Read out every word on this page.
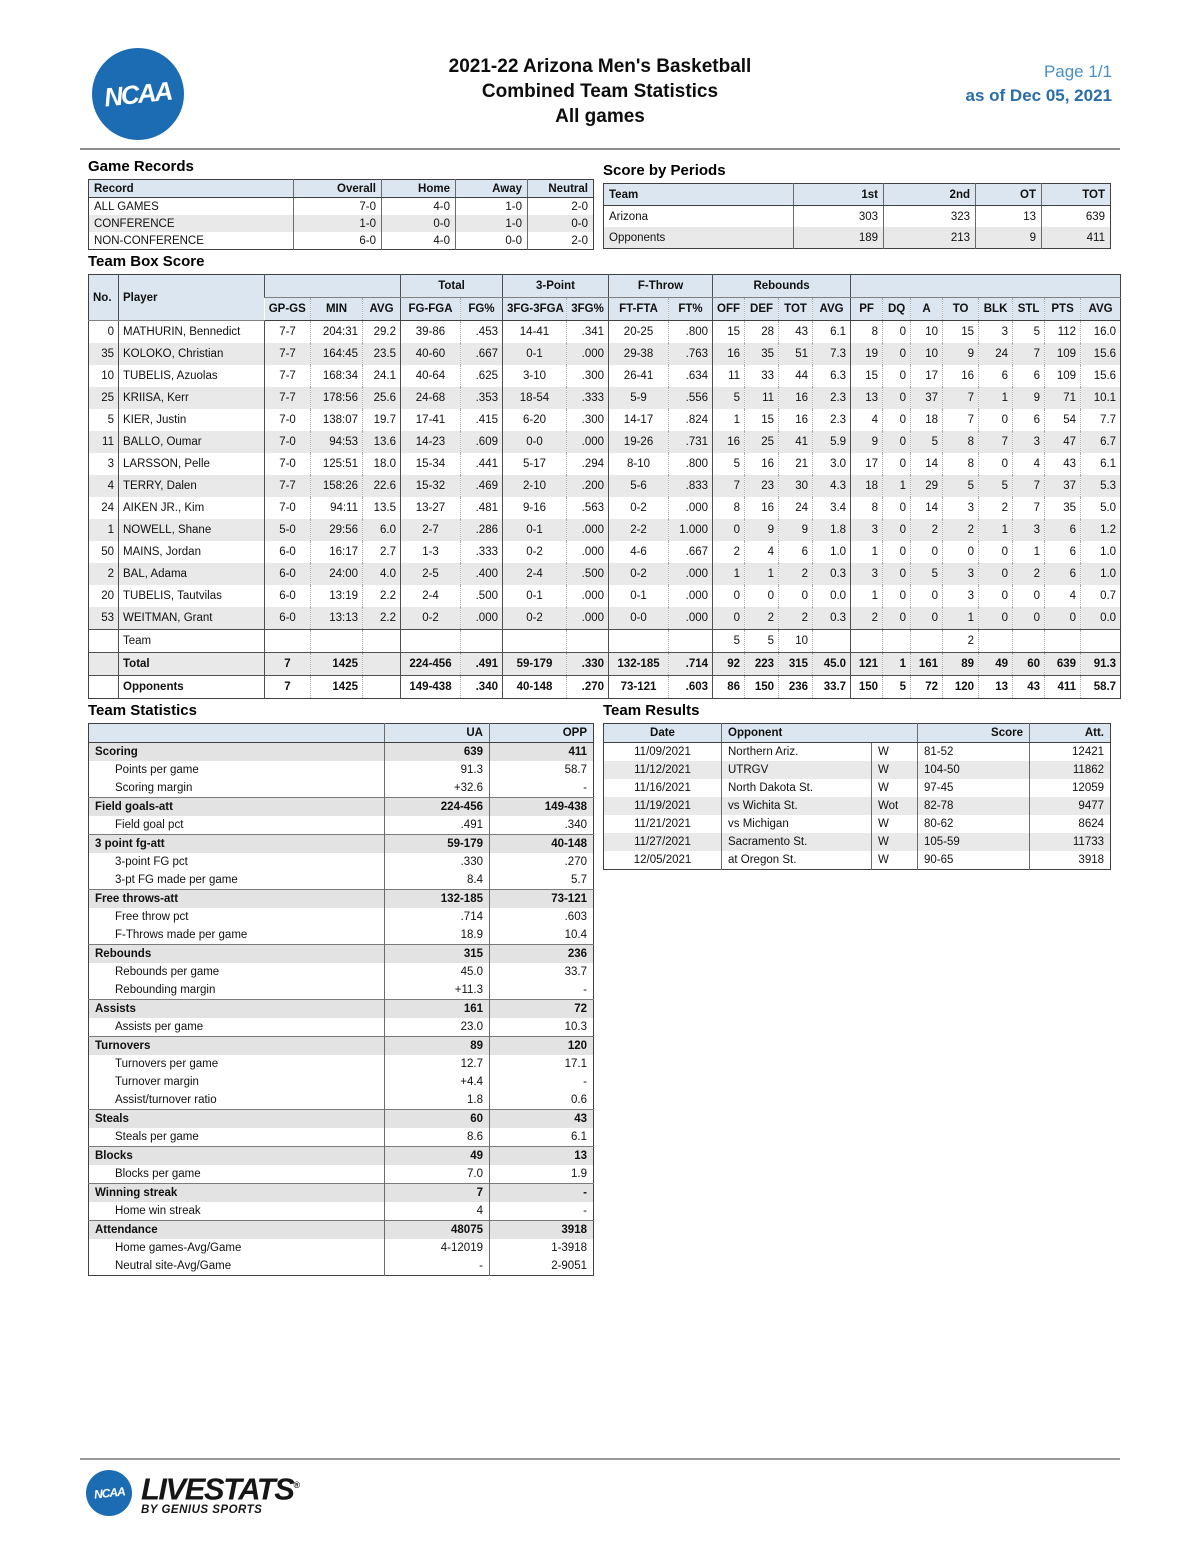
NCAA
2021-22 Arizona Men's Basketball
Combined Team Statistics
All games
Page 1/1
as of Dec 05, 2021
Game Records
Record	Overall	Home	Away	Neutral
ALL GAMES	7-0	4-0	1-0	2-0
CONFERENCE	1-0	0-0	1-0	0-0
NON-CONFERENCE	6-0	4-0	0-0	2-0
Score by Periods
Team	1st	2nd	OT	TOT
Arizona	303	323	13	639
Opponents	189	213	9	411
Team Box Score
No.	Player				Total		3-Point		F-Throw		Rebounds											
		GP-GS	MIN	AVG	FG-FGA	FG%	3FG-3FGA	3FG%	FT-FTA	FT%	OFF	DEF	TOT	AVG	PF	DQ	A	TO	BLK	STL	PTS	AVG
0	MATHURIN, Bennedict	7-7	204:31	29.2	39-86	.453	14-41	.341	20-25	.800	15	28	43	6.1	8	0	10	15	3	5	112	16.0
35	KOLOKO, Christian	7-7	164:45	23.5	40-60	.667	0-1	.000	29-38	.763	16	35	51	7.3	19	0	10	9	24	7	109	15.6
10	TUBELIS, Azuolas	7-7	168:34	24.1	40-64	.625	3-10	.300	26-41	.634	11	33	44	6.3	15	0	17	16	6	6	109	15.6
25	KRIISA, Kerr	7-7	178:56	25.6	24-68	.353	18-54	.333	5-9	.556	5	11	16	2.3	13	0	37	7	1	9	71	10.1
5	KIER, Justin	7-0	138:07	19.7	17-41	.415	6-20	.300	14-17	.824	1	15	16	2.3	4	0	18	7	0	6	54	7.7
11	BALLO, Oumar	7-0	94:53	13.6	14-23	.609	0-0	.000	19-26	.731	16	25	41	5.9	9	0	5	8	7	3	47	6.7
3	LARSSON, Pelle	7-0	125:51	18.0	15-34	.441	5-17	.294	8-10	.800	5	16	21	3.0	17	0	14	8	0	4	43	6.1
4	TERRY, Dalen	7-7	158:26	22.6	15-32	.469	2-10	.200	5-6	.833	7	23	30	4.3	18	1	29	5	5	7	37	5.3
24	AIKEN JR., Kim	7-0	94:11	13.5	13-27	.481	9-16	.563	0-2	.000	8	16	24	3.4	8	0	14	3	2	7	35	5.0
1	NOWELL, Shane	5-0	29:56	6.0	2-7	.286	0-1	.000	2-2	1.000	0	9	9	1.8	3	0	2	2	1	3	6	1.2
50	MAINS, Jordan	6-0	16:17	2.7	1-3	.333	0-2	.000	4-6	.667	2	4	6	1.0	1	0	0	0	0	1	6	1.0
2	BAL, Adama	6-0	24:00	4.0	2-5	.400	2-4	.500	0-2	.000	1	1	2	0.3	3	0	5	3	0	2	6	1.0
20	TUBELIS, Tautvilas	6-0	13:19	2.2	2-4	.500	0-1	.000	0-1	.000	0	0	0	0.0	1	0	0	3	0	0	4	0.7
53	WEITMAN, Grant	6-0	13:13	2.2	0-2	.000	0-2	.000	0-0	.000	0	2	2	0.3	2	0	0	1	0	0	0	0.0
	Team										5	5	10					2				
	Total	7	1425		224-456	.491	59-179	.330	132-185	.714	92	223	315	45.0	121	1	161	89	49	60	639	91.3
	Opponents	7	1425		149-438	.340	40-148	.270	73-121	.603	86	150	236	33.7	150	5	72	120	13	43	411	58.7
Team Statistics
	UA	OPP
Scoring	639	411
Points per game	91.3	58.7
Scoring margin	+32.6	-
Field goals-att	224-456	149-438
Field goal pct	.491	.340
3 point fg-att	59-179	40-148
3-point FG pct	.330	.270
3-pt FG made per game	8.4	5.7
Free throws-att	132-185	73-121
Free throw pct	.714	.603
F-Throws made per game	18.9	10.4
Rebounds	315	236
Rebounds per game	45.0	33.7
Rebounding margin	+11.3	-
Assists	161	72
Assists per game	23.0	10.3
Turnovers	89	120
Turnovers per game	12.7	17.1
Turnover margin	+4.4	-
Assist/turnover ratio	1.8	0.6
Steals	60	43
Steals per game	8.6	6.1
Blocks	49	13
Blocks per game	7.0	1.9
Winning streak	7	-
Home win streak	4	-
Attendance	48075	3918
Home games-Avg/Game	4-12019	1-3918
Neutral site-Avg/Game	-	2-9051
Team Results
Date	Opponent		Score	Att.
11/09/2021	Northern Ariz.	W	81-52	12421
11/12/2021	UTRGV	W	104-50	11862
11/16/2021	North Dakota St.	W	97-45	12059
11/19/2021	vs Wichita St.	Wot	82-78	9477
11/21/2021	vs Michigan	W	80-62	8624
11/27/2021	Sacramento St.	W	105-59	11733
12/05/2021	at Oregon St.	W	90-65	3918
NCAA LIVESTATS®
BY GENIUS SPORTS
